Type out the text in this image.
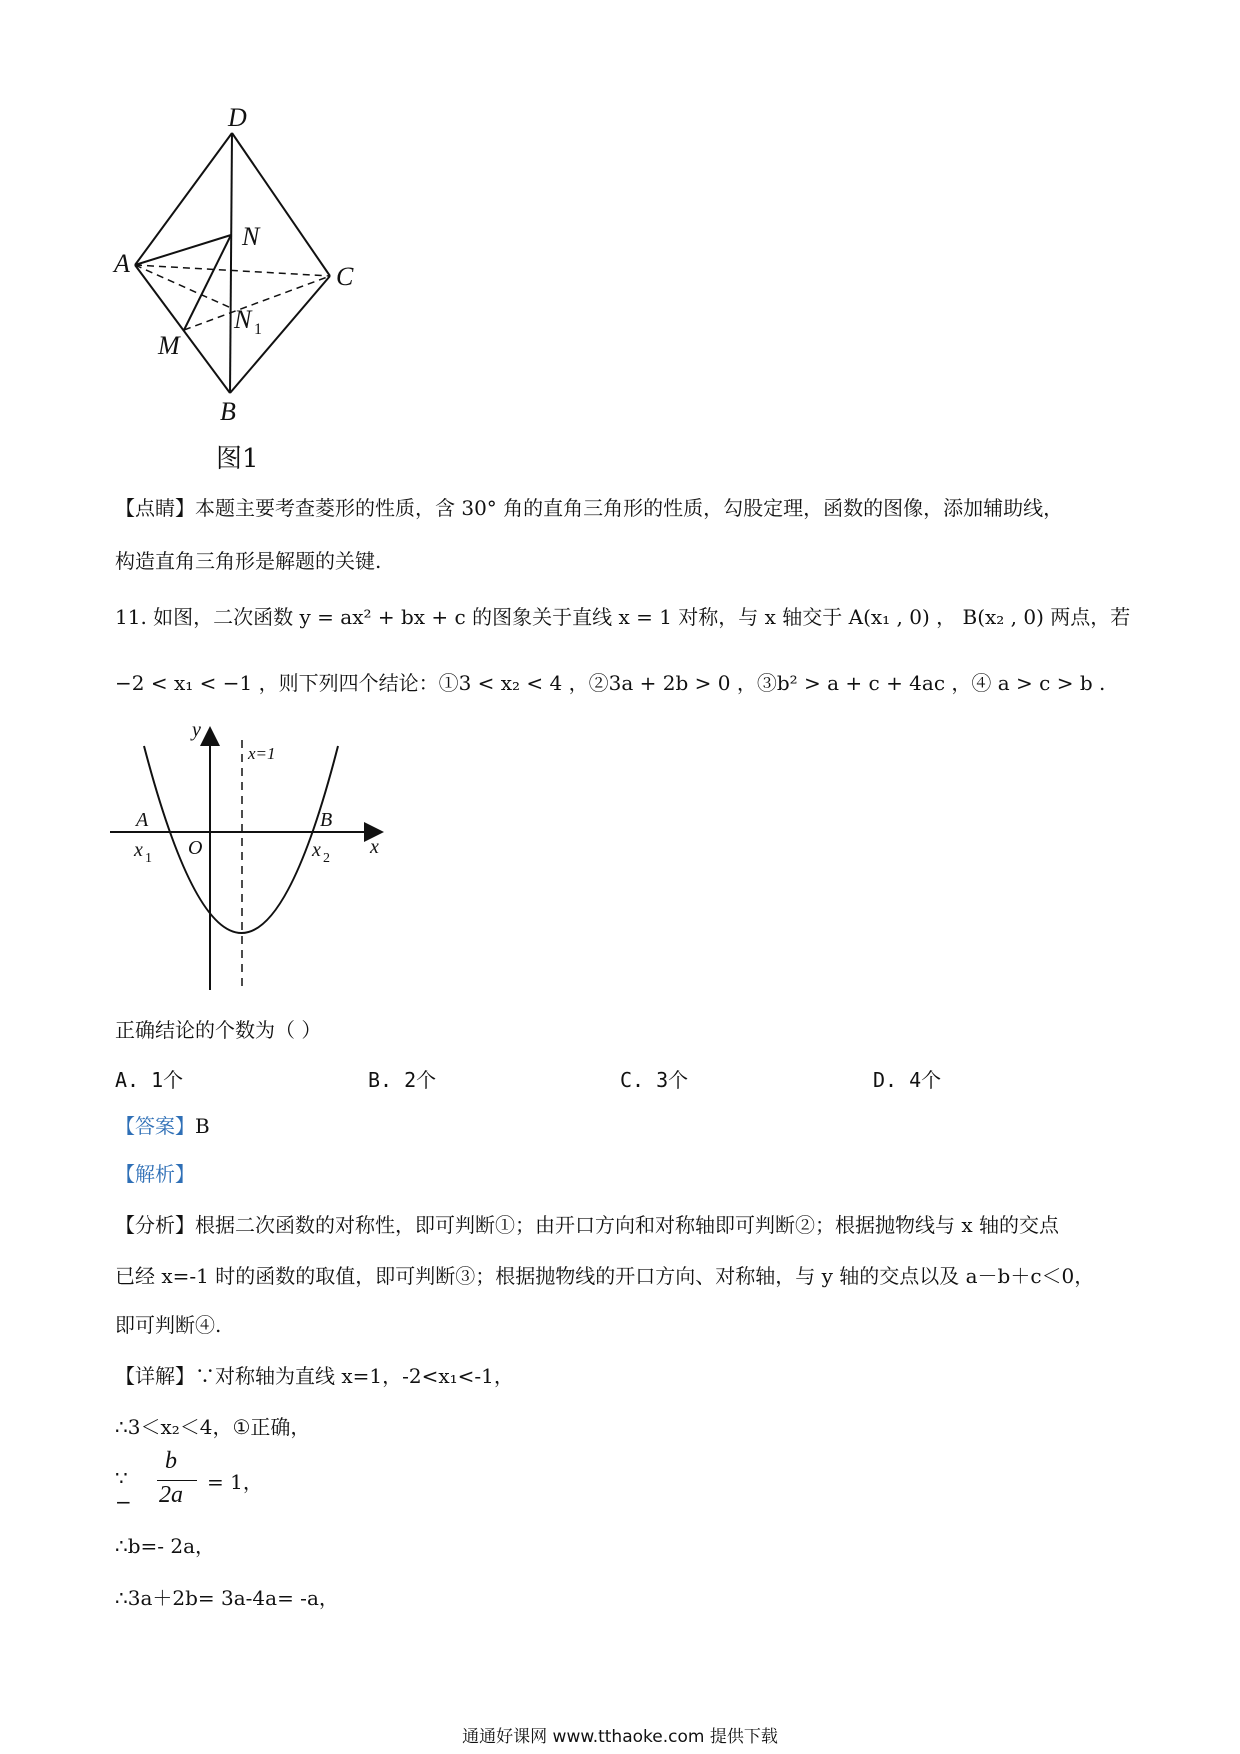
D
A
N
C
N 1
M
B
图1
【点睛】本题主要考查菱形的性质，含 30° 角的直角三角形的性质，勾股定理，函数的图像，添加辅助线，
构造直角三角形是解题的关键.
11. 如图，二次函数 y = ax² + bx + c 的图象关于直线 x = 1 对称，与 x 轴交于 A(x₁ , 0) ， B(x₂ , 0) 两点，若
−2 < x₁ < −1 ，则下列四个结论：①3 < x₂ < 4 ，②3a + 2b > 0 ，③b² > a + c + 4ac ，④ a > c > b .
y
x
x=1
A	B
O
x 1	x 2
正确结论的个数为（ ）
A. 1个	B. 2个	C. 3个	D. 4个
【答案】B
【解析】
【分析】根据二次函数的对称性，即可判断①；由开口方向和对称轴即可判断②；根据抛物线与 x 轴的交点
已经 x=-1 时的函数的取值，即可判断③；根据抛物线的开口方向、对称轴，与 y 轴的交点以及 a－b＋c＜0，
即可判断④.
【详解】∵对称轴为直线 x=1，-2<x₁<-1，
∴3＜x₂＜4，①正确，
∵ −
b
2a = 1，
∴b=- 2a，
∴3a＋2b= 3a-4a= -a，
通通好课网 www.tthaoke.com 提供下载
